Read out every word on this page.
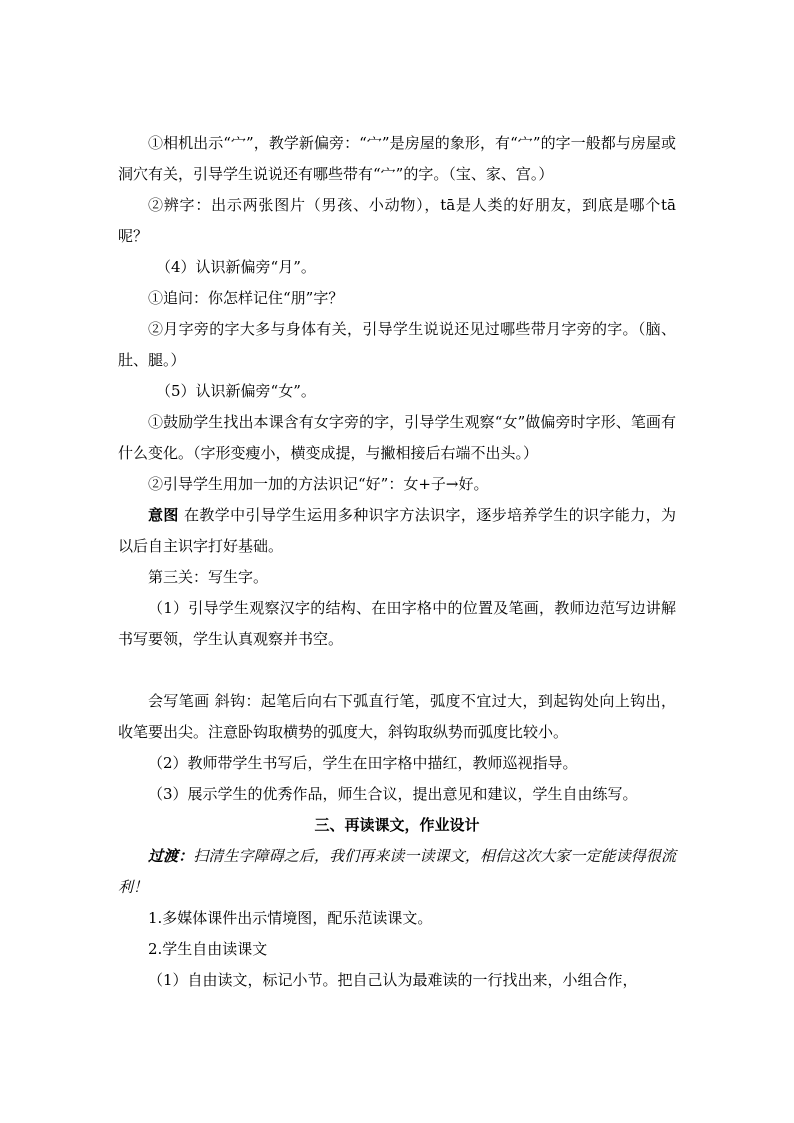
①相机出示“宀”，教学新偏旁：“宀”是房屋的象形，有“宀”的字一般都与房屋或洞穴有关，引导学生说说还有哪些带有“宀”的字。（宝、家、宫。）

②辨字：出示两张图片（男孩、小动物），tā是人类的好朋友，到底是哪个tā呢？

（4）认识新偏旁“月”。

①追问：你怎样记住“朋”字？

②月字旁的字大多与身体有关，引导学生说说还见过哪些带月字旁的字。（脑、肚、腿。）

（5）认识新偏旁“女”。

①鼓励学生找出本课含有女字旁的字，引导学生观察“女”做偏旁时字形、笔画有什么变化。（字形变瘦小，横变成提，与撇相接后右端不出头。）

②引导学生用加一加的方法识记“好”：女+子→好。

意图 在教学中引导学生运用多种识字方法识字，逐步培养学生的识字能力，为以后自主识字打好基础。

第三关：写生字。

（1）引导学生观察汉字的结构、在田字格中的位置及笔画，教师边范写边讲解书写要领，学生认真观察并书空。

会写笔画 斜钩：起笔后向右下弧直行笔，弧度不宜过大，到起钩处向上钩出，收笔要出尖。注意卧钩取横势的弧度大，斜钩取纵势而弧度比较小。

（2）教师带学生书写后，学生在田字格中描红，教师巡视指导。

（3）展示学生的优秀作品，师生合议，提出意见和建议，学生自由练写。

三、再读课文，作业设计

过渡：扫清生字障碍之后，我们再来读一读课文，相信这次大家一定能读得很流利！

1.多媒体课件出示情境图，配乐范读课文。

2.学生自由读课文

（1）自由读文，标记小节。把自己认为最难读的一行找出来，小组合作，
